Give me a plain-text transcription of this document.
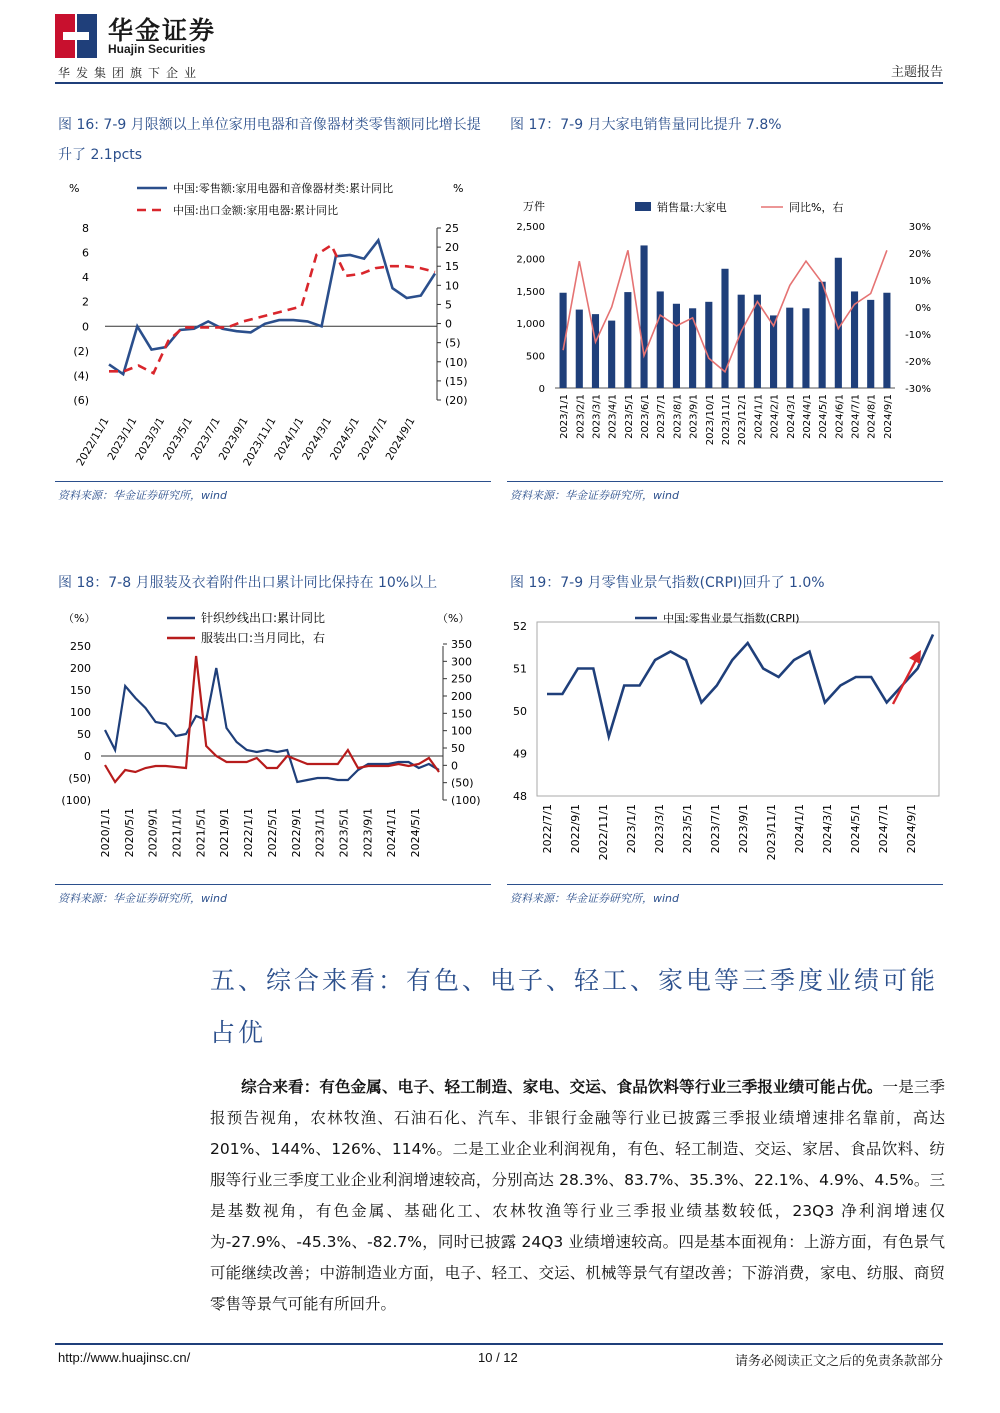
华金证券
Huajin Securities
华发集团旗下企业	主题报告
图 16: 7-9 月限额以上单位家用电器和音像器材类零售额同比增长提升了 2.1pcts
%	%
8
6
4
2
0
(2)
(4)
(6)
25
20
15
10
5
0
(5)
(10)
(15)
(20)
2022/11/1
2023/1/1
2023/3/1
2023/5/1
2023/7/1
2023/9/1
2023/11/1
2024/1/1
2024/3/1
2024/5/1
2024/7/1
2024/9/1
中国:零售额:家用电器和音像器材类:累计同比
中国:出口金额:家用电器:累计同比
资料来源：华金证券研究所，wind
图 17：7-9 月大家电销售量同比提升 7.8%
万件
2,500
2,000
1,500
1,000
500
0
30%
20%
10%
0%
-10%
-20%
-30%
2023/1/1 2023/2/1 2023/3/1 2023/4/1 2023/5/1 2023/6/1 2023/7/1 2023/8/1 2023/9/1 2023/10/1 2023/11/1 2023/12/1 2024/1/1 2024/2/1 2024/3/1 2024/4/1 2024/5/1 2024/6/1 2024/7/1 2024/8/1 2024/9/1
销售量:大家电	同比%，右
资料来源：华金证券研究所，wind
图 18：7-8 月服装及衣着附件出口累计同比保持在 10%以上
（%）	（%）
250
200
150
100
50
0
(50)
(100)
350
300
250
200
150
100
50
0
(50)
(100)
2020/1/1 2020/5/1 2020/9/1 2021/1/1 2021/5/1 2021/9/1 2022/1/1 2022/5/1 2022/9/1 2023/1/1 2023/5/1 2023/9/1 2024/1/1 2024/5/1
针织纱线出口:累计同比
服装出口:当月同比，右
资料来源：华金证券研究所，wind
图 19：7-9 月零售业景气指数(CRPI)回升了 1.0%
2022/7/1 2022/9/1 2022/11/1 2023/1/1 2023/3/1 2023/5/1 2023/7/1 2023/9/1 2023/11/1 2024/1/1 2024/3/1 2024/5/1 2024/7/1 2024/9/1
中国:零售业景气指数(CRPI)
52
51
50
49
48
资料来源：华金证券研究所，wind
五、综合来看：有色、电子、轻工、家电等三季度业绩可能占优
综合来看：有色金属、电子、轻工制造、家电、交运、食品饮料等行业三季报业绩可能占优。一是三季报预告视角，农林牧渔、石油石化、汽车、非银行金融等行业已披露三季报业绩增速排名靠前，高达 201%、144%、126%、114%。二是工业企业利润视角，有色、轻工制造、交运、家居、食品饮料、纺服等行业三季度工业企业利润增速较高，分别高达 28.3%、83.7%、35.3%、22.1%、4.9%、4.5%。三是基数视角，有色金属、基础化工、农林牧渔等行业三季报业绩基数较低，23Q3 净利润增速仅为-27.9%、-45.3%、-82.7%，同时已披露 24Q3 业绩增速较高。四是基本面视角：上游方面，有色景气可能继续改善；中游制造业方面，电子、轻工、交运、机械等景气有望改善；下游消费，家电、纺服、商贸零售等景气可能有所回升。
http://www.huajinsc.cn/	10 / 12	请务必阅读正文之后的免责条款部分
